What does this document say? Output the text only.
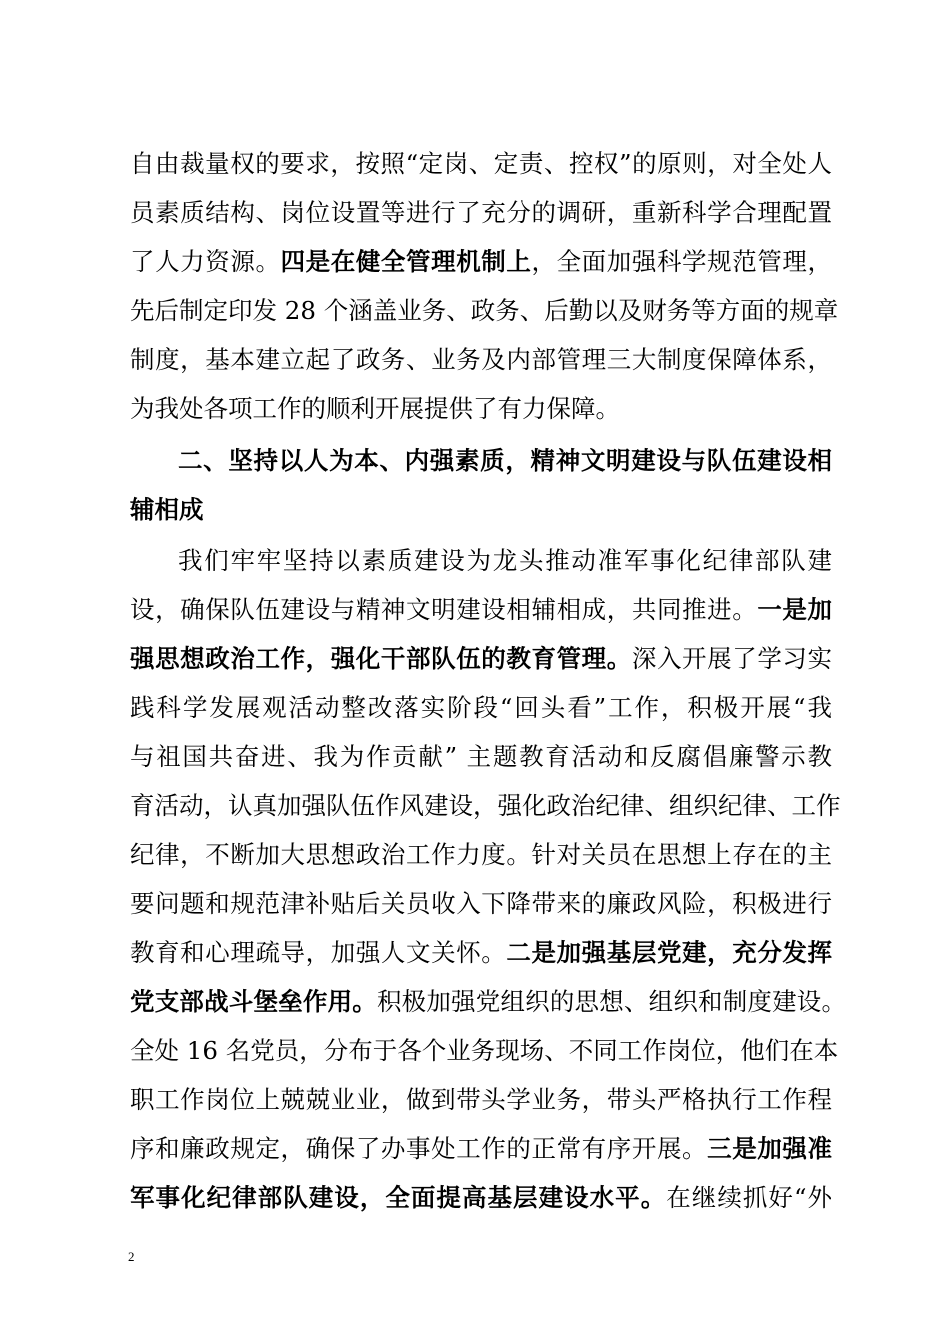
自由裁量权的要求，按照“定岗、定责、控权”的原则，对全处人
员素质结构、岗位设置等进行了充分的调研，重新科学合理配置
了人力资源。四是在健全管理机制上，全面加强科学规范管理，
先后制定印发 28 个涵盖业务、政务、后勤以及财务等方面的规章
制度，基本建立起了政务、业务及内部管理三大制度保障体系，
为我处各项工作的顺利开展提供了有力保障。
二、坚持以人为本、内强素质，精神文明建设与队伍建设相
辅相成
我们牢牢坚持以素质建设为龙头推动准军事化纪律部队建
设，确保队伍建设与精神文明建设相辅相成，共同推进。一是加
强思想政治工作，强化干部队伍的教育管理。深入开展了学习实
践科学发展观活动整改落实阶段“回头看”工作，积极开展“我
与祖国共奋进、我为作贡献” 主题教育活动和反腐倡廉警示教
育活动，认真加强队伍作风建设，强化政治纪律、组织纪律、工作
纪律，不断加大思想政治工作力度。针对关员在思想上存在的主
要问题和规范津补贴后关员收入下降带来的廉政风险，积极进行
教育和心理疏导，加强人文关怀。二是加强基层党建，充分发挥
党支部战斗堡垒作用。积极加强党组织的思想、组织和制度建设。
全处 16 名党员，分布于各个业务现场、不同工作岗位，他们在本
职工作岗位上兢兢业业，做到带头学业务，带头严格执行工作程
序和廉政规定，确保了办事处工作的正常有序开展。三是加强准
军事化纪律部队建设，全面提高基层建设水平。在继续抓好“外
2
